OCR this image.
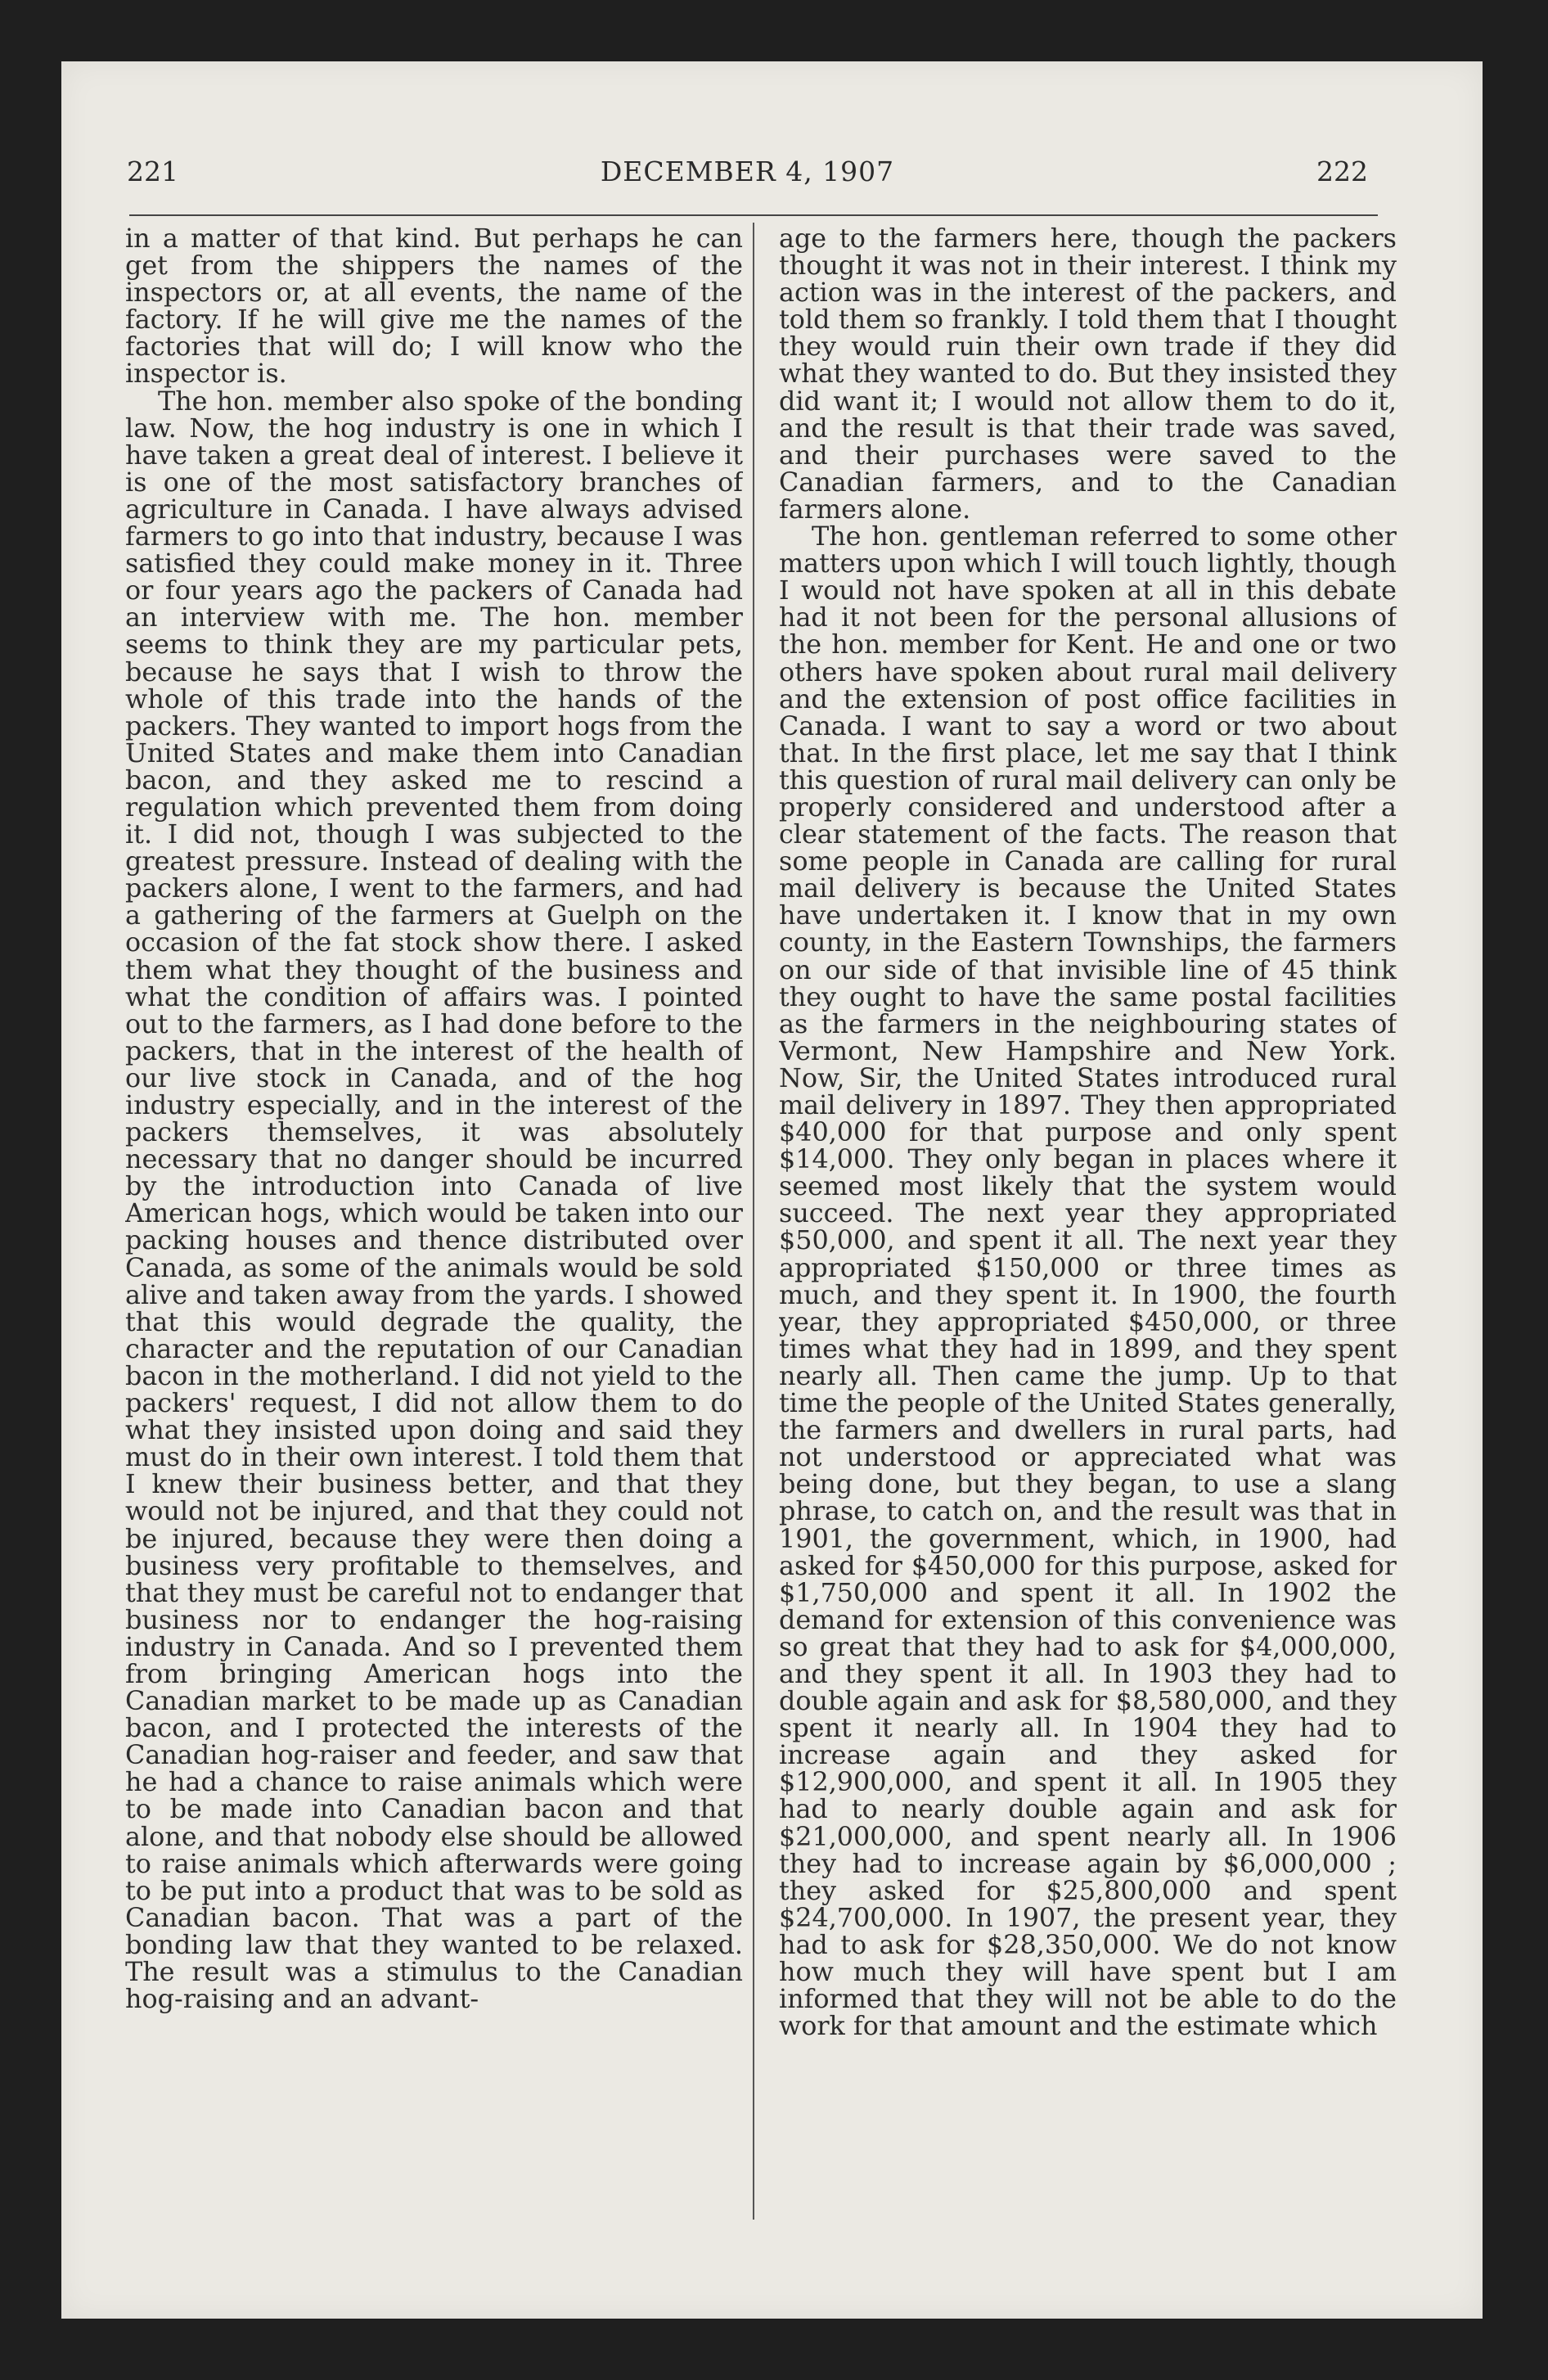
221	DECEMBER 4, 1907	222

in a matter of that kind. But perhaps he can get from the shippers the names of the inspectors or, at all events, the name of the factory. If he will give me the names of the factories that will do; I will know who the inspector is.

The hon. member also spoke of the bonding law. Now, the hog industry is one in which I have taken a great deal of interest. I believe it is one of the most satisfactory branches of agriculture in Canada. I have always advised farmers to go into that industry, because I was satisfied they could make money in it. Three or four years ago the packers of Canada had an interview with me. The hon. member seems to think they are my particular pets, because he says that I wish to throw the whole of this trade into the hands of the packers. They wanted to import hogs from the United States and make them into Canadian bacon, and they asked me to rescind a regulation which prevented them from doing it. I did not, though I was subjected to the greatest pressure. Instead of dealing with the packers alone, I went to the farmers, and had a gathering of the farmers at Guelph on the occasion of the fat stock show there. I asked them what they thought of the business and what the condition of affairs was. I pointed out to the farmers, as I had done before to the packers, that in the interest of the health of our live stock in Canada, and of the hog industry especially, and in the interest of the packers themselves, it was absolutely necessary that no danger should be incurred by the introduction into Canada of live American hogs, which would be taken into our packing houses and thence distributed over Canada, as some of the animals would be sold alive and taken away from the yards. I showed that this would degrade the quality, the character and the reputation of our Canadian bacon in the motherland. I did not yield to the packers' request, I did not allow them to do what they insisted upon doing and said they must do in their own interest. I told them that I knew their business better, and that they would not be injured, and that they could not be injured, because they were then doing a business very profitable to themselves, and that they must be careful not to endanger that business nor to endanger the hog-raising industry in Canada. And so I prevented them from bringing American hogs into the Canadian market to be made up as Canadian bacon, and I protected the interests of the Canadian hog-raiser and feeder, and saw that he had a chance to raise animals which were to be made into Canadian bacon and that alone, and that nobody else should be allowed to raise animals which afterwards were going to be put into a product that was to be sold as Canadian bacon. That was a part of the bonding law that they wanted to be relaxed. The result was a stimulus to the Canadian hog-raising and an advant-

age to the farmers here, though the packers thought it was not in their interest. I think my action was in the interest of the packers, and told them so frankly. I told them that I thought they would ruin their own trade if they did what they wanted to do. But they insisted they did want it; I would not allow them to do it, and the result is that their trade was saved, and their purchases were saved to the Canadian farmers, and to the Canadian farmers alone.

The hon. gentleman referred to some other matters upon which I will touch lightly, though I would not have spoken at all in this debate had it not been for the personal allusions of the hon. member for Kent. He and one or two others have spoken about rural mail delivery and the extension of post office facilities in Canada. I want to say a word or two about that. In the first place, let me say that I think this question of rural mail delivery can only be properly considered and understood after a clear statement of the facts. The reason that some people in Canada are calling for rural mail delivery is because the United States have undertaken it. I know that in my own county, in the Eastern Townships, the farmers on our side of that invisible line of 45 think they ought to have the same postal facilities as the farmers in the neighbouring states of Vermont, New Hampshire and New York. Now, Sir, the United States introduced rural mail delivery in 1897. They then appropriated $40,000 for that purpose and only spent $14,000. They only began in places where it seemed most likely that the system would succeed. The next year they appropriated $50,000, and spent it all. The next year they appropriated $150,000 or three times as much, and they spent it. In 1900, the fourth year, they appropriated $450,000, or three times what they had in 1899, and they spent nearly all. Then came the jump. Up to that time the people of the United States generally, the farmers and dwellers in rural parts, had not understood or appreciated what was being done, but they began, to use a slang phrase, to catch on, and the result was that in 1901, the government, which, in 1900, had asked for $450,000 for this purpose, asked for $1,750,000 and spent it all. In 1902 the demand for extension of this convenience was so great that they had to ask for $4,000,000, and they spent it all. In 1903 they had to double again and ask for $8,580,000, and they spent it nearly all. In 1904 they had to increase again and they asked for $12,900,000, and spent it all. In 1905 they had to nearly double again and ask for $21,000,000, and spent nearly all. In 1906 they had to increase again by $6,000,000 ; they asked for $25,800,000 and spent $24,700,000. In 1907, the present year, they had to ask for $28,350,000. We do not know how much they will have spent but I am informed that they will not be able to do the work for that amount and the estimate which
